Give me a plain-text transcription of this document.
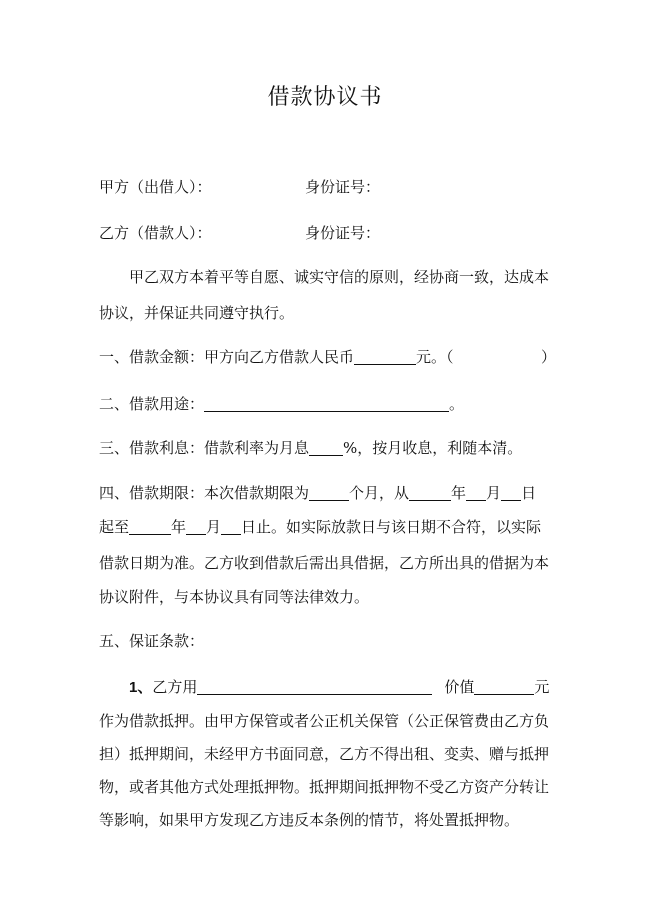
借款协议书
甲方（出借人）：	身份证号：
乙方（借款人）：	身份证号：
甲乙双方本着平等自愿、诚实守信的原则，经协商一致，达成本
协议，并保证共同遵守执行。
一、借款金额：甲方向乙方借款人民币	元。（	）
二、借款用途：	。
三、借款利息：借款利率为月息 %，按月收息，利随本清。
四、借款期限：本次借款期限为	个月，从	年 月 日
起至	年 月 日止。如实际放款日与该日期不合符，以实际
借款日期为准。乙方收到借款后需出具借据，乙方所出具的借据为本
协议附件，与本协议具有同等法律效力。
五、保证条款：
1、乙方用	价值	元
作为借款抵押。由甲方保管或者公正机关保管（公正保管费由乙方负
担）抵押期间，未经甲方书面同意，乙方不得出租、变卖、赠与抵押
物，或者其他方式处理抵押物。抵押期间抵押物不受乙方资产分转让
等影响，如果甲方发现乙方违反本条例的情节，将处置抵押物。
